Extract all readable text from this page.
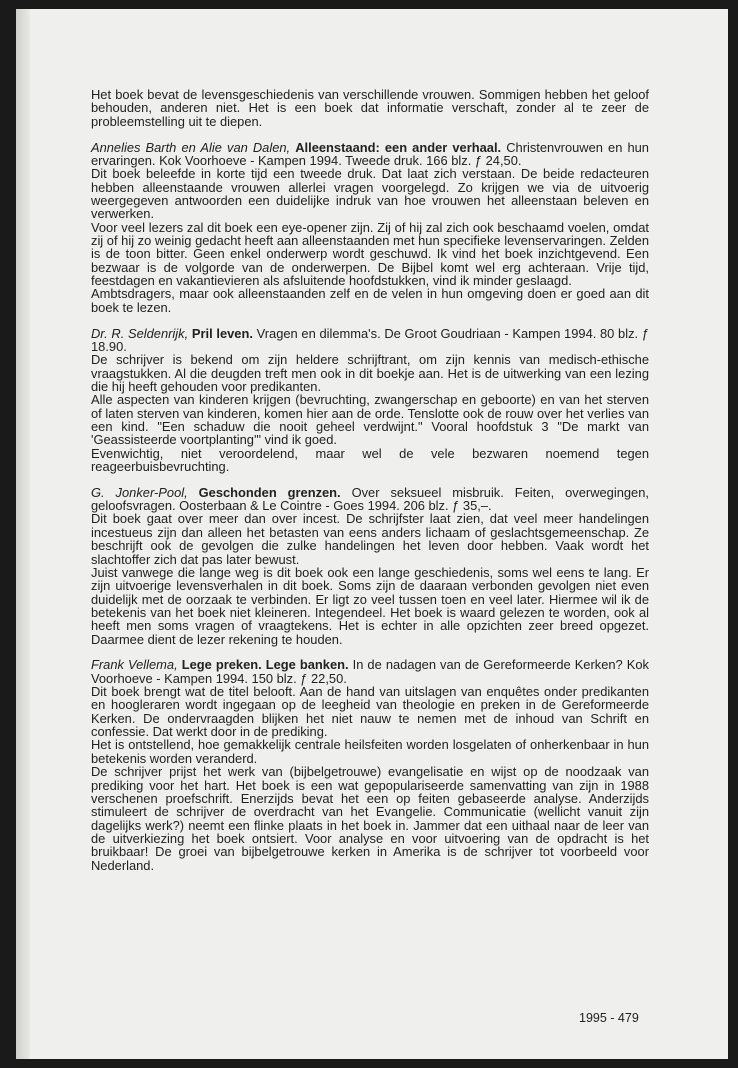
Het boek bevat de levensgeschiedenis van verschillende vrouwen. Sommigen hebben het geloof behouden, anderen niet. Het is een boek dat informatie verschaft, zonder al te zeer de probleemstelling uit te diepen.

Annelies Barth en Alie van Dalen, Alleenstaand: een ander verhaal. Christenvrouwen en hun ervaringen. Kok Voorhoeve - Kampen 1994. Tweede druk. 166 blz. ƒ 24,50.

Dit boek beleefde in korte tijd een tweede druk. Dat laat zich verstaan. De beide redacteuren hebben alleenstaande vrouwen allerlei vragen voorgelegd. Zo krijgen we via de uitvoerig weergegeven antwoorden een duidelijke indruk van hoe vrouwen het alleenstaan beleven en verwerken.

Voor veel lezers zal dit boek een eye-opener zijn. Zij of hij zal zich ook beschaamd voelen, omdat zij of hij zo weinig gedacht heeft aan alleenstaanden met hun specifieke levenservaringen. Zelden is de toon bitter. Geen enkel onderwerp wordt geschuwd. Ik vind het boek inzichtgevend. Een bezwaar is de volgorde van de onderwerpen. De Bijbel komt wel erg achteraan. Vrije tijd, feestdagen en vakantievieren als afsluitende hoofdstukken, vind ik minder geslaagd.

Ambtsdragers, maar ook alleenstaanden zelf en de velen in hun omgeving doen er goed aan dit boek te lezen.

Dr. R. Seldenrijk, Pril leven. Vragen en dilemma's. De Groot Goudriaan - Kampen 1994. 80 blz. ƒ 18.90.

De schrijver is bekend om zijn heldere schrijftrant, om zijn kennis van medisch-ethische vraagstukken. Al die deugden treft men ook in dit boekje aan. Het is de uitwerking van een lezing die hij heeft gehouden voor predikanten.

Alle aspecten van kinderen krijgen (bevruchting, zwangerschap en geboorte) en van het sterven of laten sterven van kinderen, komen hier aan de orde. Tenslotte ook de rouw over het verlies van een kind. "Een schaduw die nooit geheel verdwijnt." Vooral hoofdstuk 3 "De markt van 'Geassisteerde voortplanting'" vind ik goed.

Evenwichtig, niet veroordelend, maar wel de vele bezwaren noemend tegen reageerbuisbevruchting.

G. Jonker-Pool, Geschonden grenzen. Over seksueel misbruik. Feiten, overwegingen, geloofsvragen. Oosterbaan & Le Cointre - Goes 1994. 206 blz. ƒ 35,–.

Dit boek gaat over meer dan over incest. De schrijfster laat zien, dat veel meer handelingen incestueus zijn dan alleen het betasten van eens anders lichaam of geslachtsgemeenschap. Ze beschrijft ook de gevolgen die zulke handelingen het leven door hebben. Vaak wordt het slachtoffer zich dat pas later bewust.

Juist vanwege die lange weg is dit boek ook een lange geschiedenis, soms wel eens te lang. Er zijn uitvoerige levensverhalen in dit boek. Soms zijn de daaraan verbonden gevolgen niet even duidelijk met de oorzaak te verbinden. Er ligt zo veel tussen toen en veel later. Hiermee wil ik de betekenis van het boek niet kleineren. Integendeel. Het boek is waard gelezen te worden, ook al heeft men soms vragen of vraagtekens. Het is echter in alle opzichten zeer breed opgezet. Daarmee dient de lezer rekening te houden.

Frank Vellema, Lege preken. Lege banken. In de nadagen van de Gereformeerde Kerken? Kok Voorhoeve - Kampen 1994. 150 blz. ƒ 22,50.

Dit boek brengt wat de titel belooft. Aan de hand van uitslagen van enquêtes onder predikanten en hoogleraren wordt ingegaan op de leegheid van theologie en preken in de Gereformeerde Kerken. De ondervraagden blijken het niet nauw te nemen met de inhoud van Schrift en confessie. Dat werkt door in de prediking.

Het is ontstellend, hoe gemakkelijk centrale heilsfeiten worden losgelaten of onherkenbaar in hun betekenis worden veranderd.

De schrijver prijst het werk van (bijbelgetrouwe) evangelisatie en wijst op de noodzaak van prediking voor het hart. Het boek is een wat gepopulariseerde samenvatting van zijn in 1988 verschenen proefschrift. Enerzijds bevat het een op feiten gebaseerde analyse. Anderzijds stimuleert de schrijver de overdracht van het Evangelie. Communicatie (wellicht vanuit zijn dagelijks werk?) neemt een flinke plaats in het boek in. Jammer dat een uithaal naar de leer van de uitverkiezing het boek ontsiert. Voor analyse en voor uitvoering van de opdracht is het bruikbaar! De groei van bijbelgetrouwe kerken in Amerika is de schrijver tot voorbeeld voor Nederland.

1995 - 479
